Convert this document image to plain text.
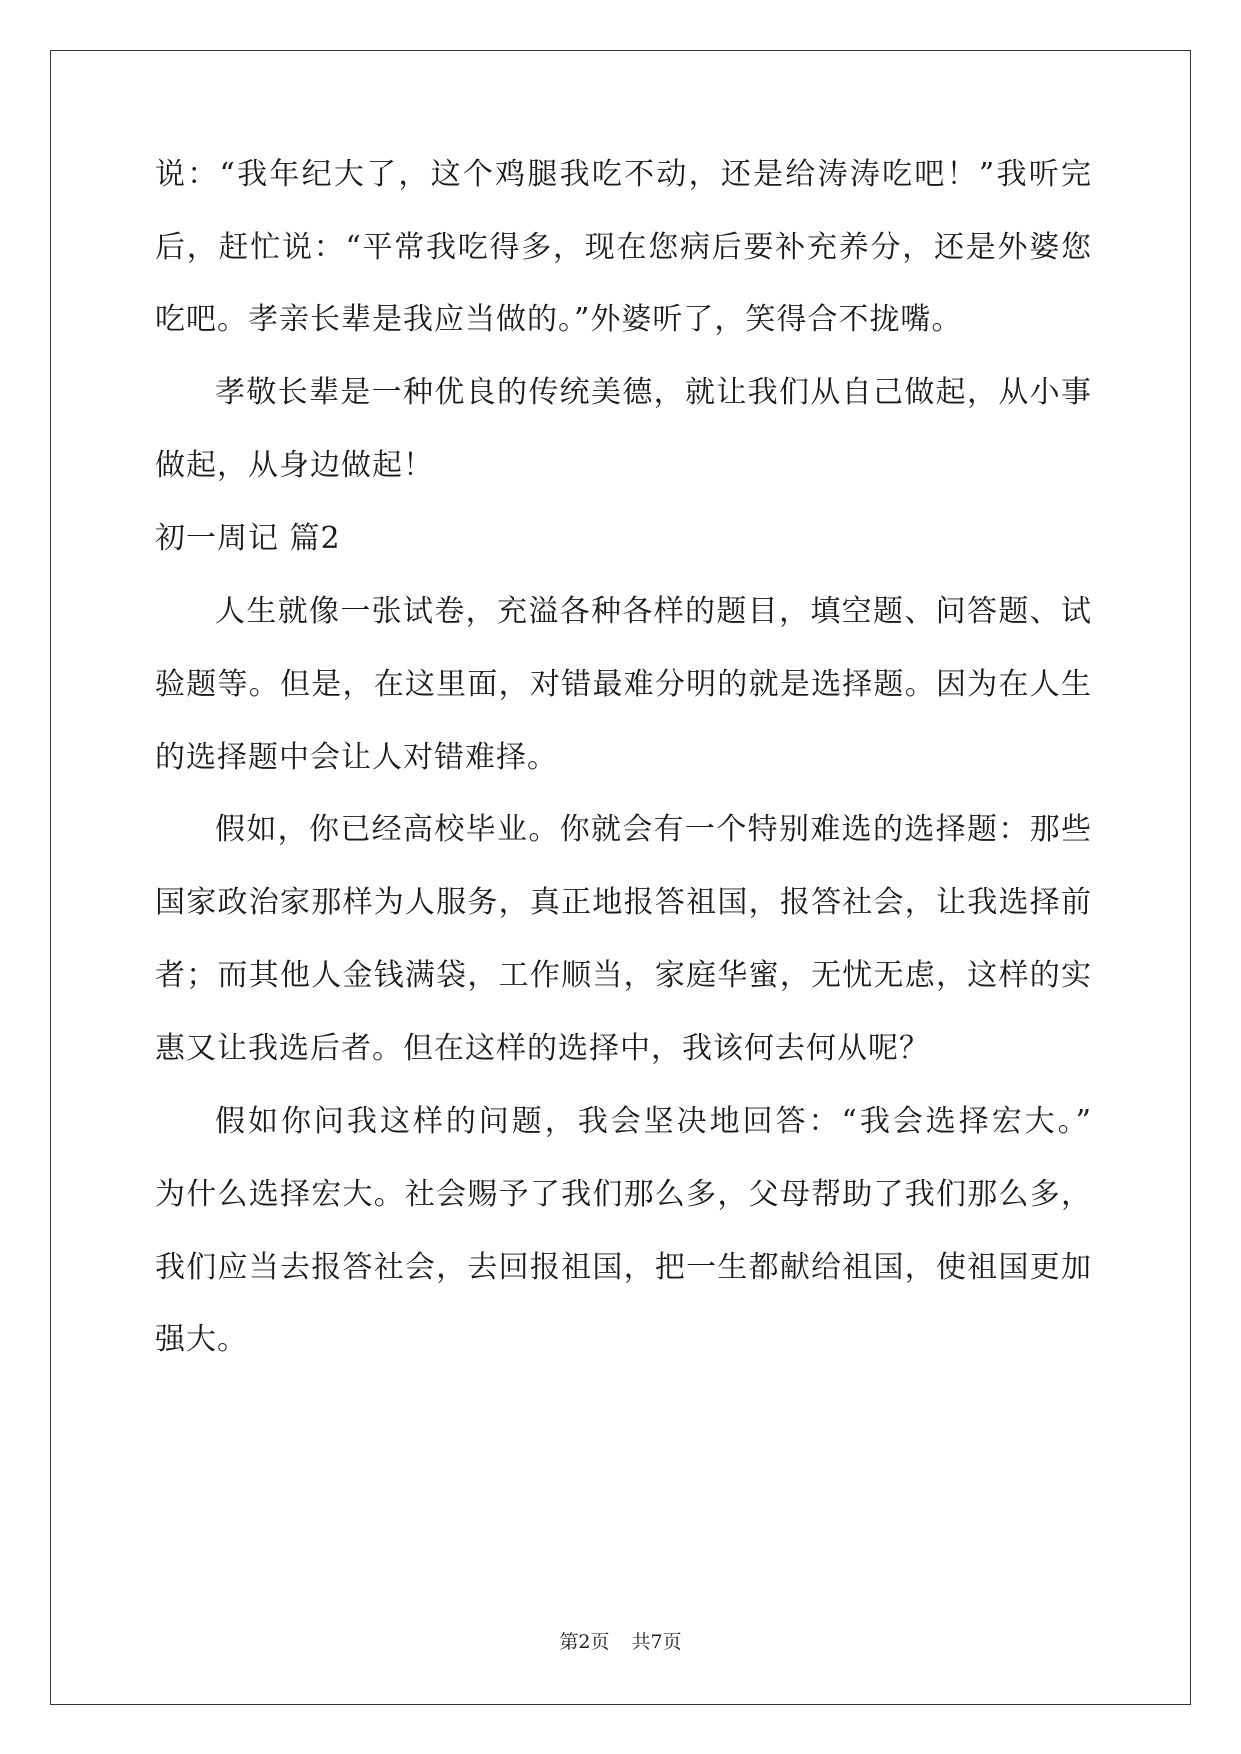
说：“我年纪大了，这个鸡腿我吃不动，还是给涛涛吃吧！”我听完
后，赶忙说：“平常我吃得多，现在您病后要补充养分，还是外婆您
吃吧。孝亲长辈是我应当做的。”外婆听了，笑得合不拢嘴。
孝敬长辈是一种优良的传统美德，就让我们从自己做起，从小事
做起，从身边做起！
初一周记 篇2
人生就像一张试卷，充溢各种各样的题目，填空题、问答题、试
验题等。但是，在这里面，对错最难分明的就是选择题。因为在人生
的选择题中会让人对错难择。
假如，你已经高校毕业。你就会有一个特别难选的选择题：那些
国家政治家那样为人服务，真正地报答祖国，报答社会，让我选择前
者；而其他人金钱满袋，工作顺当，家庭华蜜，无忧无虑，这样的实
惠又让我选后者。但在这样的选择中，我该何去何从呢？
假如你问我这样的问题，我会坚决地回答：“我会选择宏大。”
为什么选择宏大。社会赐予了我们那么多，父母帮助了我们那么多，
我们应当去报答社会，去回报祖国，把一生都献给祖国，使祖国更加
强大。
第2页 共7页
